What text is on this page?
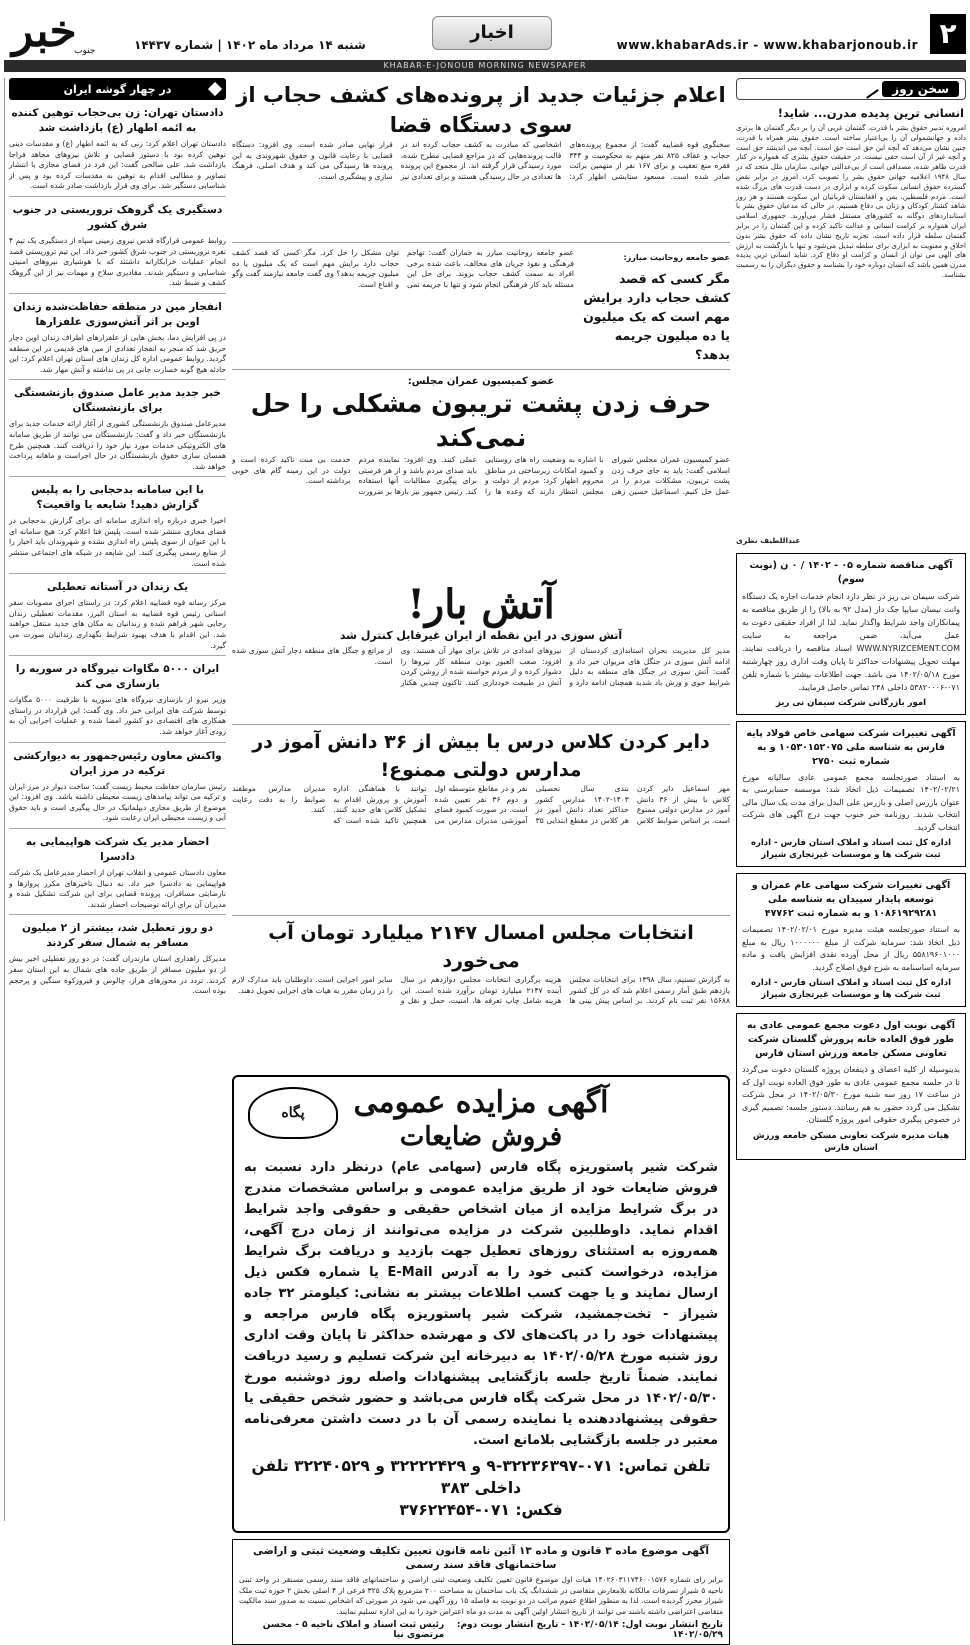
۲
www.khabarAds.ir - www.khabarjonoub.ir
اخبار
شنبه ۱۴ مرداد ماه ۱۴۰۲ | شماره ۱۴۴۳۷
خبر
جنوب
KHABAR-E-JONOUB MORNING NEWSPAPER
سخن روز
انسانی ترین پدیده مدرن... شاید!
امروزه تدبیر حقوق بشر با قدرت، گفتمان غربی آن را بر دیگر گفتمان ها برتری داده و جهانشمولی آن را بی‌اعتبار ساخته است. حقوق بشر همراه با قدرت، چنین نشان می‌دهد که آنچه این حق است حق است. آنچه می اندیشد حق است و آنچه غیر از آن است حقی نیست. در حقیقت حقوق بشری که همواره در کنار قدرت ظاهر شده، مصداقی است از بی‌عدالتی جهانی. سازمان ملل متحد که در سال ۱۹۴۸ اعلامیه جهانی حقوق بشر را تصویب کرد، امروز در برابر نقض گسترده حقوق انسانی سکوت کرده و ابزاری در دست قدرت های بزرگ شده است. مردم فلسطین، یمن و افغانستان قربانیان این سکوت هستند و هر روز شاهد کشتار کودکان و زنان بی دفاع هستیم. در حالی که مدعیان حقوق بشر با استانداردهای دوگانه به کشورهای مستقل فشار می‌آورند. جمهوری اسلامی ایران همواره بر کرامت انسانی و عدالت تاکید کرده و این گفتمان را در برابر گفتمان سلطه قرار داده است. تجربه تاریخ نشان داده که حقوق بشر بدون اخلاق و معنویت به ابزاری برای سلطه تبدیل می‌شود و تنها با بازگشت به ارزش های الهی می توان از انسان و کرامت او دفاع کرد. شاید انسانی ترین پدیده مدرن همین باشد که انسان دوباره خود را بشناسد و حقوق دیگران را به رسمیت بشناسد.
عبداللطیف نظری
آگهی مناقصه شماره ۰۵ - ۱۴۰۲ / ۰ ن (نوبت سوم)
شرکت سیمان نی ریز در نظر دارد انجام خدمات اجاره یک دستگاه وانت نیسان سایپا جک دار (مدل ۹۲ به بالا) را از طریق مناقصه به پیمانکاران واجد شرایط واگذار نماید. لذا از افراد حقیقی دعوت به عمل می‌آید، ضمن مراجعه به سایت WWW.NYRIZCEMENT.COM اسناد مناقصه را دریافت نمایند. مهلت تحویل پیشنهادات حداکثر تا پایان وقت اداری روز چهارشنبه مورخ ۱۴۰۲/۰۵/۱۸ می باشد. جهت اطلاعات بیشتر با شماره تلفن ۰۷۱-۵۳۸۲۰۰۰۶ داخلی ۲۴۸ تماس حاصل فرمایید.
امور بازرگانی شرکت سیمان نی ریز
آگهی تغییرات شرکت سهامی خاص فولاد پایه فارس به شناسه ملی ۱۰۵۳۰۱۵۲۰۷۵ و به شماره ثبت ۲۷۵۰
به استناد صورتجلسه مجمع عمومی عادی سالیانه مورخ ۱۴۰۲/۰۲/۲۱ تصمیمات ذیل اتخاذ شد: موسسه حسابرسی به عنوان بازرس اصلی و بازرس علی البدل برای مدت یک سال مالی انتخاب شدند. روزنامه خبر جنوب جهت درج آگهی های شرکت انتخاب گردید.
اداره کل ثبت اسناد و املاک استان فارس - اداره ثبت شرکت ها و موسسات غیرتجاری شیراز
آگهی تغییرات شرکت سهامی عام عمران و توسعه پایدار سپیدان به شناسه ملی ۱۰۸۶۱۹۲۹۲۸۱ و به شماره ثبت ۴۷۷۶۲
به استناد صورتجلسه هیئت مدیره مورخ ۱۴۰۲/۰۲/۰۱ تصمیمات ذیل اتخاذ شد: سرمایه شرکت از مبلغ ۱۰۰۰۰۰۰ ریال به مبلغ ۵۵۸۱۹۶۰۱۰۰۰ ریال از محل آورده نقدی افزایش یافت و ماده سرمایه اساسنامه به شرح فوق اصلاح گردید.
اداره کل ثبت اسناد و املاک استان فارس - اداره ثبت شرکت ها و موسسات غیرتجاری شیراز
آگهی نوبت اول دعوت مجمع عمومی عادی به طور فوق العاده خانه پرورش گلستان شرکت تعاونی مسکن جامعه ورزش استان فارس
بدینوسیله از کلیه اعضای و ذینفعان پروژه گلستان دعوت می‌گردد تا در جلسه مجمع عمومی عادی به طور فوق العاده نوبت اول که در ساعت ۱۷ روز سه شنبه مورخ ۱۴۰۲/۰۵/۳۰ در محل شرکت تشکیل می گردد حضور به هم رسانند. دستور جلسه: تصمیم گیری در خصوص پیگیری حقوقی امور پروژه گلستان.
هیات مدیره شرکت تعاونی مسکن جامعه ورزش استان فارس
اعلام جزئیات جدید از پرونده‌های کشف حجاب از سوی دستگاه قضا
سخنگوی قوه قضاییه گفت: از مجموع پرونده‌های حجاب و عفاف ۸۲۵ نفر متهم به محکومیت و ۳۴۴ فقره منع تعقیب و برای ۱۶۷ نفر از متهمین برائت صادر شده است. مسعود ستایشی اظهار کرد: اشخاصی که مبادرت به کشف حجاب کرده اند در قالب پرونده‌هایی که در مراجع قضایی مطرح شده، مورد رسیدگی قرار گرفته اند. از مجموع این پرونده ها تعدادی در حال رسیدگی هستند و برای تعدادی نیز قرار نهایی صادر شده است. وی افزود: دستگاه قضایی با رعایت قانون و حقوق شهروندی به این پرونده ها رسیدگی می کند و هدف اصلی، فرهنگ سازی و پیشگیری است.
عضو جامعه روحانیت مبارز:
مگر کسی که قصد کشف حجاب دارد برایش مهم است که یک میلیون یا ده میلیون جریمه بدهد؟
عضو جامعه روحانیت مبارز به جماران گفت: تهاجم فرهنگی و نفوذ جریان های مخالف، باعث شده برخی افراد به سمت کشف حجاب بروند. برای حل این مسئله باید کار فرهنگی انجام شود و تنها با جریمه نمی توان مشکل را حل کرد. مگر کسی که قصد کشف حجاب دارد برایش مهم است که یک میلیون یا ده میلیون جریمه بدهد؟ وی گفت جامعه نیازمند گفت وگو و اقناع است.
عضو کمیسیون عمران مجلس:
حرف زدن پشت تریبون مشکلی را حل نمی‌کند
عضو کمیسیون عمران مجلس شورای اسلامی گفت: باید به جای حرف زدن پشت تریبون، مشکلات مردم را در عمل حل کنیم. اسماعیل حسین زهی با اشاره به وضعیت راه های روستایی و کمبود امکانات زیرساختی در مناطق محروم اظهار کرد: مردم از دولت و مجلس انتظار دارند که وعده ها را عملی کنند. وی افزود: نماینده مردم باید صدای مردم باشد و از هر فرصتی برای پیگیری مطالبات آنها استفاده کند. رئیس جمهور نیز بارها بر ضرورت خدمت بی منت تاکید کرده است و دولت در این زمینه گام های خوبی برداشته است.
آتش بار!
آتش سوزی در این نقطه از ایران غیرقابل کنترل شد
مدیر کل مدیریت بحران استانداری کردستان از ادامه آتش سوزی در جنگل های مریوان خبر داد و گفت: آتش سوزی در جنگل های منطقه به دلیل شرایط جوی و وزش باد شدید همچنان ادامه دارد و نیروهای امدادی در تلاش برای مهار آن هستند. وی افزود: صعب العبور بودن منطقه کار نیروها را دشوار کرده و از مردم خواسته شده از روشن کردن آتش در طبیعت خودداری کنند. تاکنون چندین هکتار از مراتع و جنگل های منطقه دچار آتش سوزی شده است.
دایر کردن کلاس درس با بیش از ۳۶ دانش آموز در مدارس دولتی ممنوع!
مهر اسماعیل دایر کردن کلاس با بیش از ۳۶ دانش آموز در مدارس دولتی ممنوع است. بر اساس ضوابط کلاس بندی سال تحصیلی ۱۴۰۳-۱۴۰۲ مدارس کشور حداکثر تعداد دانش آموز در هر کلاس در مقطع ابتدایی ۳۵ نفر و در مقاطع متوسطه اول و دوم ۳۶ نفر تعیین شده است. در صورت کمبود فضای آموزشی مدیران مدارس می توانند با هماهنگی اداره آموزش و پرورش اقدام به تشکیل کلاس های جدید کنند. همچنین تاکید شده است که مدیران مدارس موظفند ضوابط را به دقت رعایت کنند.
انتخابات مجلس امسال ۲۱۴۷ میلیارد تومان آب می‌خورد
به گزارش تسنیم، سال ۱۳۹۸ برای انتخابات مجلس یازدهم طبق آمار رسمی اعلام شد که در کل کشور ۱۵۶۸۸ نفر ثبت نام کردند. بر اساس پیش بینی ها هزینه برگزاری انتخابات مجلس دوازدهم در سال آینده ۲۱۴۷ میلیارد تومان برآورد شده است. این هزینه شامل چاپ تعرفه ها، امنیت، حمل و نقل و سایر امور اجرایی است. داوطلبان باید مدارک لازم را در زمان مقرر به هیات های اجرایی تحویل دهند.
پگاه	آگهی مزایده عمومی
فروش ضایعات
شرکت شیر پاستوریزه پگاه فارس (سهامی عام) درنظر دارد نسبت به فروش ضایعات خود از طریق مزایده عمومی و براساس مشخصات مندرج در برگ شرایط مزایده از میان اشخاص حقیقی و حقوقی واجد شرایط اقدام نماید. داوطلبین شرکت در مزایده می‌توانند از زمان درج آگهی، همه‌روزه به استثنای روزهای تعطیل جهت بازدید و دریافت برگ شرایط مزایده، درخواست کتبی خود را به آدرس E-Mail یا شماره فکس ذیل ارسال نمایند و یا جهت کسب اطلاعات بیشتر به نشانی: کیلومتر ۳۲ جاده شیراز - تخت‌جمشید، شرکت شیر پاستوریزه پگاه فارس مراجعه و پیشنهادات خود را در پاکت‌های لاک و مهرشده حداکثر تا پایان وقت اداری روز شنبه مورخ ۱۴۰۲/۰۵/۲۸ به دبیرخانه این شرکت تسلیم و رسید دریافت نمایند. ضمناً تاریخ جلسه بازگشایی پیشنهادات واصله روز دوشنبه مورخ ۱۴۰۲/۰۵/۳۰ در محل شرکت پگاه فارس می‌باشد و حضور شخص حقیقی یا حقوقی پیشنهاددهنده یا نماینده رسمی آن با در دست داشتن معرفی‌نامه معتبر در جلسه بازگشایی بلامانع است.
تلفن تماس: ۰۷۱-۳۲۲۳۶۳۹۷-۹ و ۳۲۲۲۲۴۲۹ و ۳۲۲۴۰۵۲۹ تلفن داخلی ۳۸۳
فکس: ۰۷۱-۳۷۶۲۲۴۵۴
آگهی موضوع ماده ۳ قانون و ماده ۱۳ آئین نامه قانون تعیین تکلیف وضعیت ثبتی و اراضی ساختمانهای فاقد سند رسمی
برابر رای شماره ۱۴۰۲۶۰۳۱۱۷۴۶۰۰۱۵۷۶ هیات اول موضوع قانون تعیین تکلیف وضعیت ثبتی اراضی و ساختمانهای فاقد سند رسمی مستقر در واحد ثبتی ناحیه ۵ شیراز تصرفات مالکانه بلامعارض متقاضی در ششدانگ یک باب ساختمان به مساحت ۲۰۰ مترمربع پلاک ۳۲۵ فرعی از ۴ اصلی بخش ۲ حوزه ثبت ملک شیراز محرز گردیده است. لذا به منظور اطلاع عموم مراتب در دو نوبت به فاصله ۱۵ روز آگهی می شود در صورتی که اشخاص نسبت به صدور سند مالکیت متقاضی اعتراضی داشته باشند می توانند از تاریخ انتشار اولین آگهی به مدت دو ماه اعتراض خود را به این اداره تسلیم نمایند.
تاریخ انتشار نوبت اول: ۱۴۰۲/۰۵/۱۴ - تاریخ انتشار نوبت دوم: ۱۴۰۲/۰۵/۲۹
رئیس ثبت اسناد و املاک ناحیه ۵ - محسن مرتضوی نیا
در چهار گوشه ایران
دادستان تهران: زن بی‌حجاب توهین کننده به ائمه اطهار (ع) بازداشت شد
دادستان تهران اعلام کرد: زنی که به ائمه اطهار (ع) و مقدسات دینی توهین کرده بود با دستور قضایی و تلاش نیروهای مجاهد فراجا بازداشت شد. علی صالحی گفت: این فرد در فضای مجازی با انتشار تصاویر و مطالبی اقدام به توهین به مقدسات کرده بود و پس از شناسایی دستگیر شد. برای وی قرار بازداشت صادر شده است.
دستگیری یک گروهک تروریستی در جنوب شرق کشور
روابط عمومی قرارگاه قدس نیروی زمینی سپاه از دستگیری یک تیم ۴ نفره تروریستی در جنوب شرق کشور خبر داد. این تیم تروریستی قصد انجام عملیات خرابکارانه داشتند که با هوشیاری نیروهای امنیتی شناسایی و دستگیر شدند. مقادیری سلاح و مهمات نیز از این گروهک کشف و ضبط شد.
انفجار مین در منطقه حفاظت‌شده زندان اوین بر اثر آتش‌سوزی علفزارها
در پی افزایش دما، بخش هایی از علفزارهای اطراف زندان اوین دچار حریق شد که منجر به انفجار تعدادی از مین های قدیمی در این منطقه گردید. روابط عمومی اداره کل زندان های استان تهران اعلام کرد: این حادثه هیچ گونه خسارت جانی در پی نداشته و آتش مهار شد.
خبر جدید مدیر عامل صندوق بازنشستگی برای بازنشستگان
مدیرعامل صندوق بازنشستگی کشوری از آغاز ارائه خدمات جدید برای بازنشستگان خبر داد و گفت: بازنشستگان می توانند از طریق سامانه های الکترونیکی خدمات مورد نیاز خود را دریافت کنند. همچنین طرح همسان سازی حقوق بازنشستگان در حال اجراست و ماهانه پرداخت خواهد شد.
با این سامانه بدحجابی را به پلیس گزارش دهید! شایعه یا واقعیت؟
اخیرا خبری درباره راه اندازی سامانه ای برای گزارش بدحجابی در فضای مجازی منتشر شده است. پلیس فتا اعلام کرد: هیچ سامانه ای با این عنوان از سوی پلیس راه اندازی نشده و شهروندان باید اخبار را از منابع رسمی پیگیری کنند. این شایعه در شبکه های اجتماعی منتشر شده است.
یک زندان در آستانه تعطیلی
مرکز رسانه قوه قضاییه اعلام کرد: در راستای اجرای مصوبات سفر استانی رئیس قوه قضاییه به استان البرز، مقدمات تعطیلی زندان رجایی شهر فراهم شده و زندانیان به مکان های جدید منتقل خواهند شد. این اقدام با هدف بهبود شرایط نگهداری زندانیان صورت می گیرد.
ایران ۵۰۰۰ مگاوات نیروگاه در سوریه را بازسازی می کند
وزیر نیرو از بازسازی نیروگاه های سوریه با ظرفیت ۵۰۰۰ مگاوات توسط شرکت های ایرانی خبر داد. وی گفت: این قرارداد در راستای همکاری های اقتصادی دو کشور امضا شده و عملیات اجرایی آن به زودی آغاز خواهد شد.
واکنش معاون رئیس‌جمهور به دیوارکشی ترکیه در مرز ایران
رئیس سازمان حفاظت محیط زیست گفت: ساخت دیوار در مرز ایران و ترکیه می تواند پیامدهای زیست محیطی داشته باشد. وی افزود: این موضوع از طریق مجاری دیپلماتیک در حال پیگیری است و باید حقوق آبی و زیست محیطی ایران رعایت شود.
احضار مدیر یک شرکت هواپیمایی به دادسرا
معاون دادستان عمومی و انقلاب تهران از احضار مدیرعامل یک شرکت هواپیمایی به دادسرا خبر داد. به دنبال تاخیرهای مکرر پروازها و نارضایتی مسافران، پرونده قضایی برای این شرکت تشکیل شده و مدیران آن برای ارائه توضیحات احضار شدند.
دو روز تعطیل شد، بیشتر از ۲ میلیون مسافر به شمال سفر کردند
مدیرکل راهداری استان مازندران گفت: در دو روز تعطیلی اخیر بیش از دو میلیون مسافر از طریق جاده های شمال به این استان سفر کردند. تردد در محورهای هراز، چالوس و فیروزکوه سنگین و پرحجم بوده است.
